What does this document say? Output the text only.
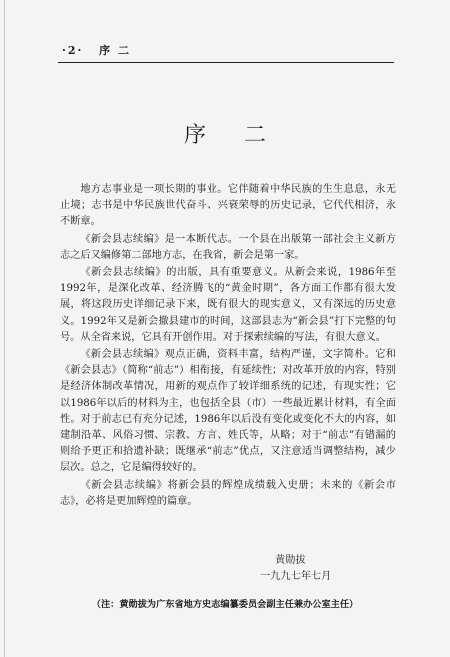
·2· 序 二
序二

地方志事业是一项长期的事业。它伴随着中华民族的生生息息，永无止境；志书是中华民族世代奋斗、兴衰荣辱的历史记录，它代代相济，永不断章。

《新会县志续编》是一本断代志。一个县在出版第一部社会主义新方志之后又编修第二部地方志，在我省，新会是第一家。

《新会县志续编》的出版，具有重要意义。从新会来说，1986年至1992年，是深化改革、经济腾飞的“黄金时期”，各方面工作都有很大发展，将这段历史详细记录下来，既有很大的现实意义，又有深远的历史意义。1992年又是新会撤县建市的时间，这部县志为“新会县”打下完整的句号。从全省来说，它具有开创作用。对于探索续编的写法，有很大意义。

《新会县志续编》观点正确，资料丰富，结构严谨，文字简朴。它和《新会县志》（简称“前志”）相衔接，有延续性；对改革开放的内容，特别是经济体制改革情况，用新的观点作了较详细系统的记述，有现实性；它以1986年以后的材料为主，也包括全县（市）一些最近累计材料，有全面性。对于前志已有充分记述，1986年以后没有变化或变化不大的内容，如建制沿革、风俗习惯、宗教、方言、姓氏等，从略；对于“前志”有错漏的则给予更正和拾遗补缺；既继承“前志”优点，又注意适当调整结构，减少层次。总之，它是编得较好的。

《新会县志续编》将新会县的辉煌成绩载入史册；未来的《新会市志》，必将是更加辉煌的篇章。

黄勋拔
一九九七年七月
（注：黄勋拔为广东省地方史志编纂委员会副主任兼办公室主任）
